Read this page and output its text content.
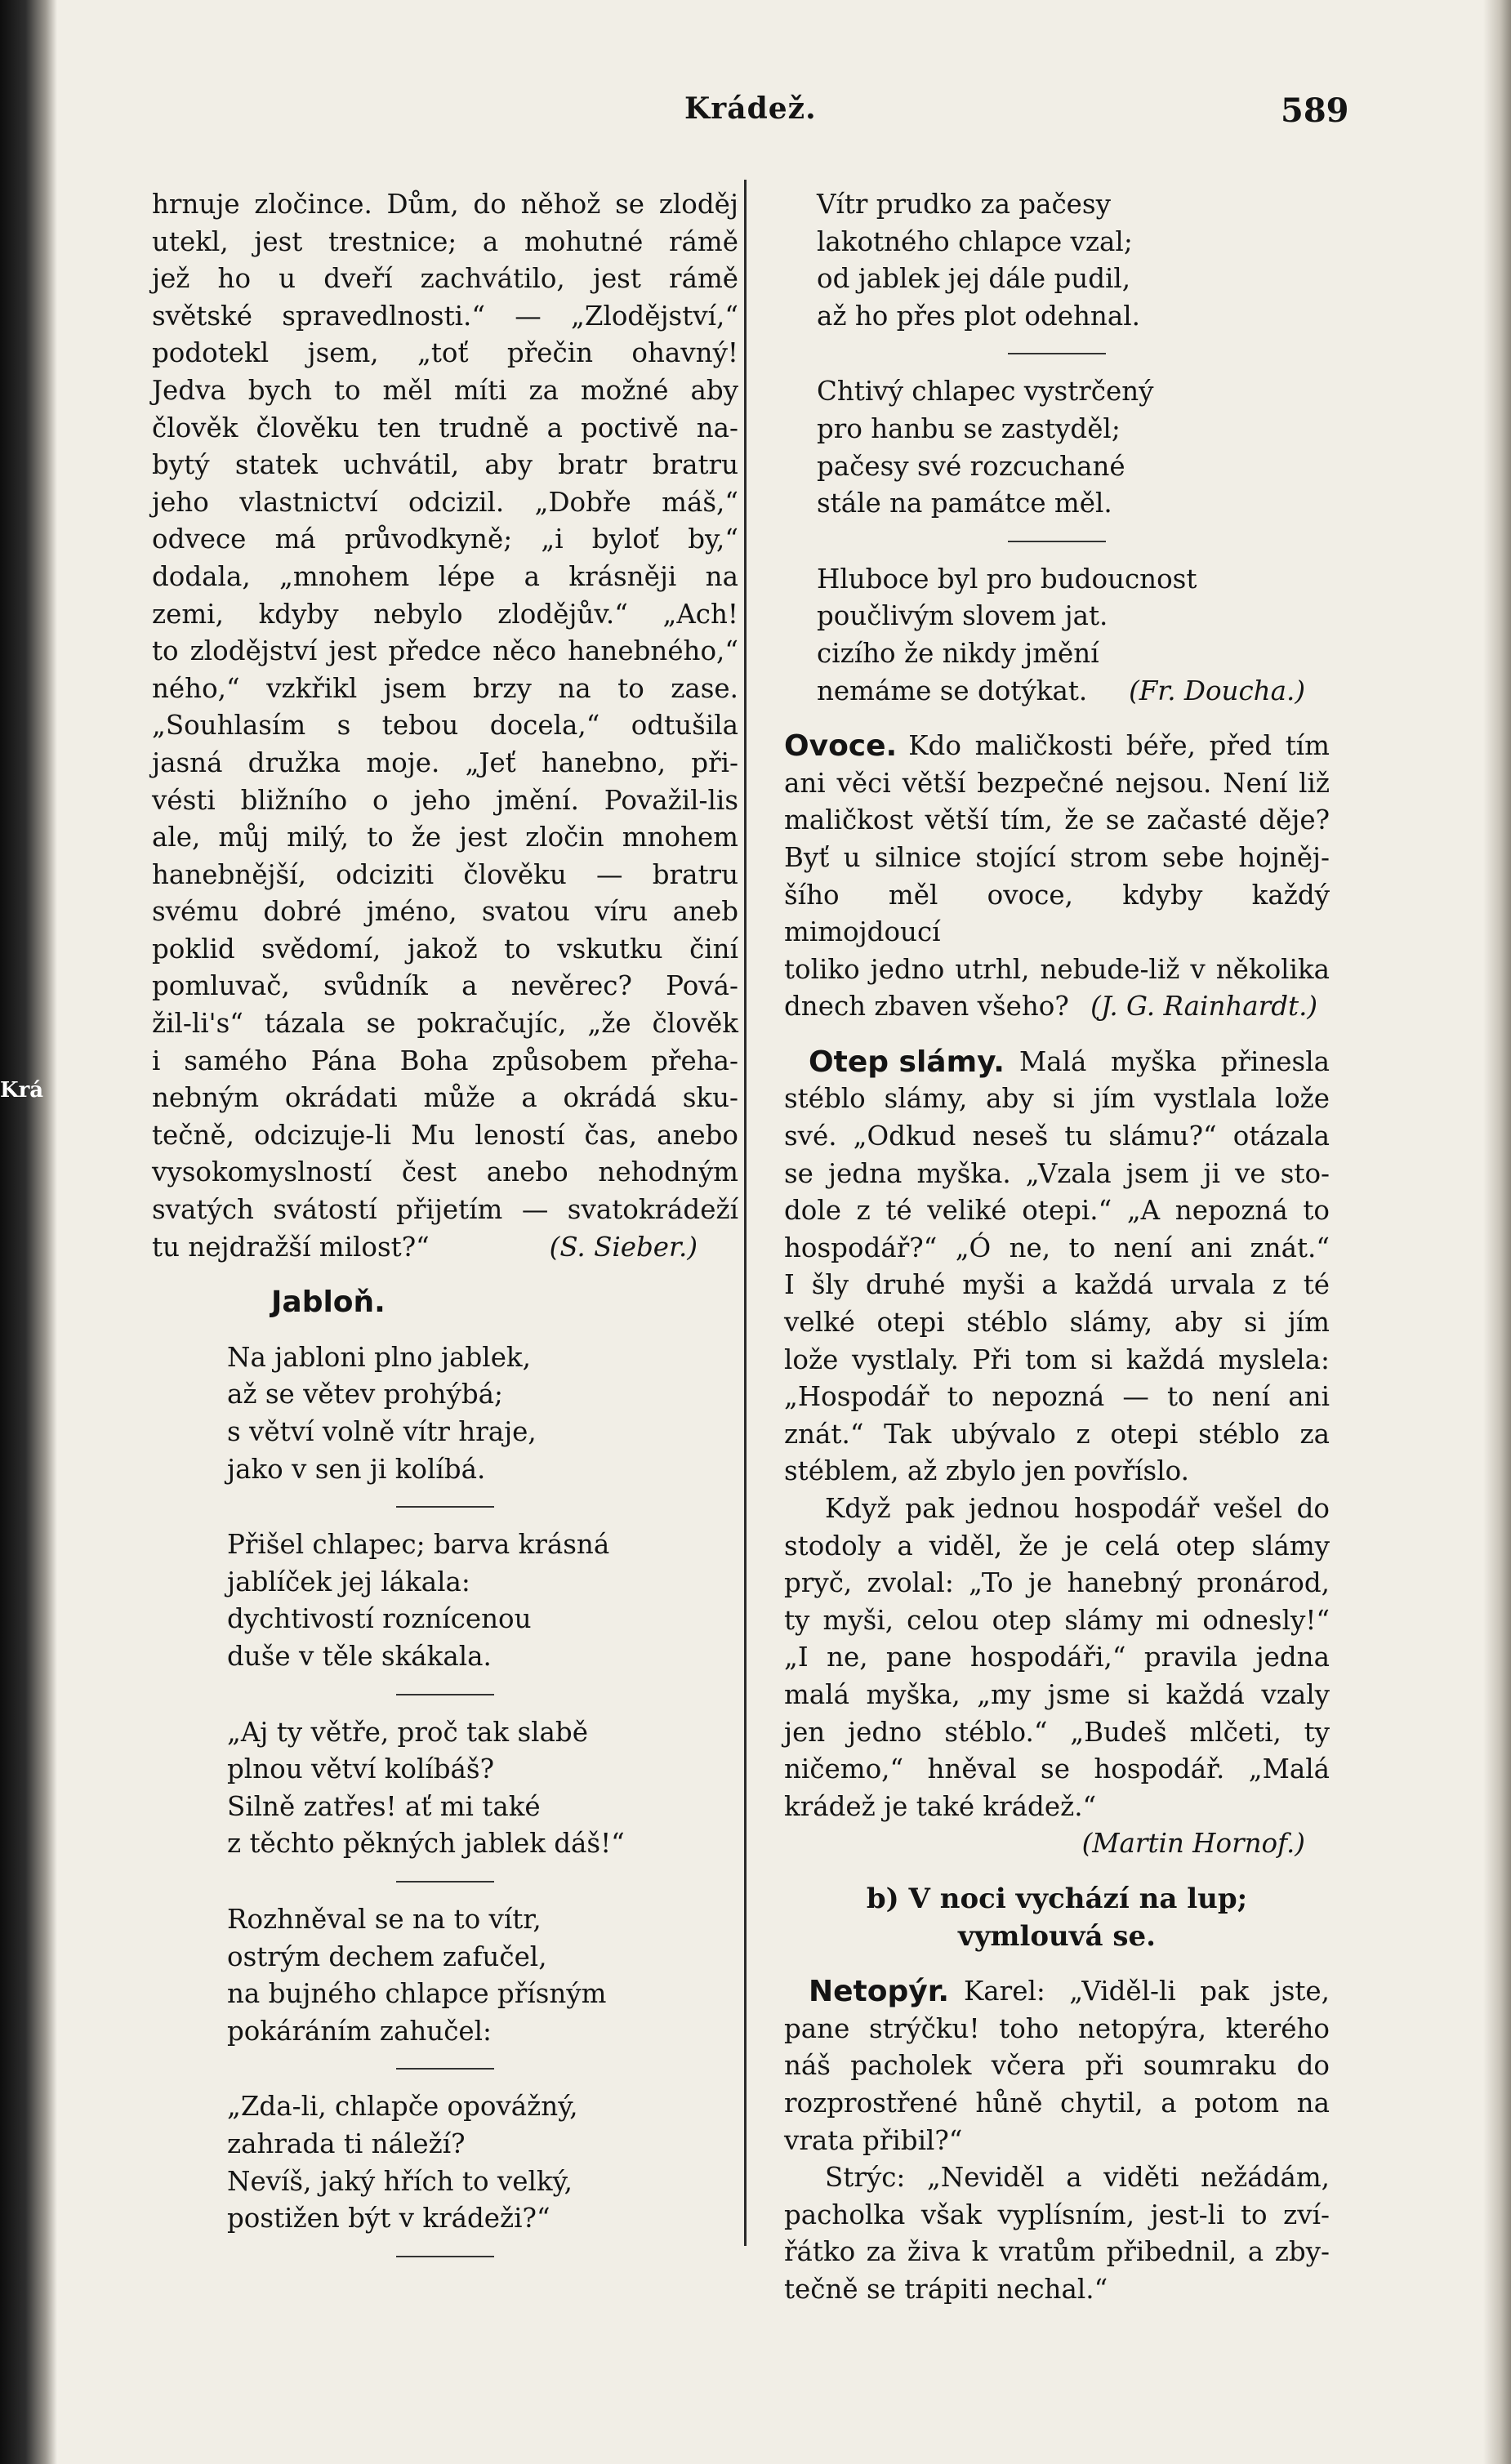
Krá
Krádež.	589
hrnuje zločince. Dům, do něhož se zloděj
utekl, jest trestnice; a mohutné rámě
jež ho u dveří zachvátilo, jest rámě
světské spravedlnosti.“ — „Zlodějství,“
podotekl jsem, „toť přečin ohavný!
Jedva bych to měl míti za možné aby
člověk člověku ten trudně a poctivě na-
bytý statek uchvátil, aby bratr bratru
jeho vlastnictví odcizil. „Dobře máš,“
odvece má průvodkyně; „i byloť by,“
dodala, „mnohem lépe a krásněji na
zemi, kdyby nebylo zlodějův.“ „Ach!
to zlodějství jest předce něco hanebného,“
ného,“ vzkřikl jsem brzy na to zase.
„Souhlasím s tebou docela,“ odtušila
jasná družka moje. „Jeť hanebno, při-
vésti bližního o jeho jmění. Považil-lis
ale, můj milý, to že jest zločin mnohem
hanebnější, odciziti člověku — bratru
svému dobré jméno, svatou víru aneb
poklid svědomí, jakož to vskutku činí
pomluvač, svůdník a nevěrec? Pová-
žil-li's“ tázala se pokračujíc, „že člověk
i samého Pána Boha způsobem přeha-
nebným okrádati může a okrádá sku-
tečně, odcizuje-li Mu leností čas, anebo
vysokomyslností čest anebo nehodným
svatých svátostí přijetím — svatokrádeží
tu nejdražší milost?“	(S. Sieber.)
Jabloň.
Na jabloni plno jablek,
až se větev prohýbá;
s větví volně vítr hraje,
jako v sen ji kolíbá.
Přišel chlapec; barva krásná
jablíček jej lákala:
dychtivostí roznícenou
duše v těle skákala.
„Aj ty větře, proč tak slabě
plnou větví kolíbáš?
Silně zatřes! ať mi také
z těchto pěkných jablek dáš!“
Rozhněval se na to vítr,
ostrým dechem zafučel,
na bujného chlapce přísným
pokáráním zahučel:
„Zda-li, chlapče opovážný,
zahrada ti náleží?
Nevíš, jaký hřích to velký,
postižen být v krádeži?“
Vítr prudko za pačesy
lakotného chlapce vzal;
od jablek jej dále pudil,
až ho přes plot odehnal.
Chtivý chlapec vystrčený
pro hanbu se zastyděl;
pačesy své rozcuchané
stále na památce měl.
Hluboce byl pro budoucnost
poučlivým slovem jat.
cizího že nikdy jmění
nemáme se dotýkat. (Fr. Doucha.)
Ovoce. Kdo maličkosti béře, před tím
ani věci větší bezpečné nejsou. Není liž
maličkost větší tím, že se začasté děje?
Byť u silnice stojící strom sebe hojněj-
šího měl ovoce, kdyby každý mimojdoucí
toliko jedno utrhl, nebude-liž v několika
dnech zbaven všeho? (J. G. Rainhardt.)
Otep slámy. Malá myška přinesla
stéblo slámy, aby si jím vystlala lože
své. „Odkud neseš tu slámu?“ otázala
se jedna myška. „Vzala jsem ji ve sto-
dole z té veliké otepi.“ „A nepozná to
hospodář?“ „Ó ne, to není ani znát.“
I šly druhé myši a každá urvala z té
velké otepi stéblo slámy, aby si jím
lože vystlaly. Při tom si každá myslela:
„Hospodář to nepozná — to není ani
znát.“ Tak ubývalo z otepi stéblo za
stéblem, až zbylo jen povříslo.
Když pak jednou hospodář vešel do
stodoly a viděl, že je celá otep slámy
pryč, zvolal: „To je hanebný pronárod,
ty myši, celou otep slámy mi odnesly!“
„I ne, pane hospodáři,“ pravila jedna
malá myška, „my jsme si každá vzaly
jen jedno stéblo.“ „Budeš mlčeti, ty
ničemo,“ hněval se hospodář. „Malá
krádež je také krádež.“
(Martin Hornof.)
b) V noci vychází na lup;
vymlouvá se.
Netopýr. Karel: „Viděl-li pak jste,
pane strýčku! toho netopýra, kterého
náš pacholek včera při soumraku do
rozprostřené hůně chytil, a potom na
vrata přibil?“
Strýc: „Neviděl a viděti nežádám,
pacholka však vyplísním, jest-li to zví-
řátko za živa k vratům přibednil, a zby-
tečně se trápiti nechal.“
